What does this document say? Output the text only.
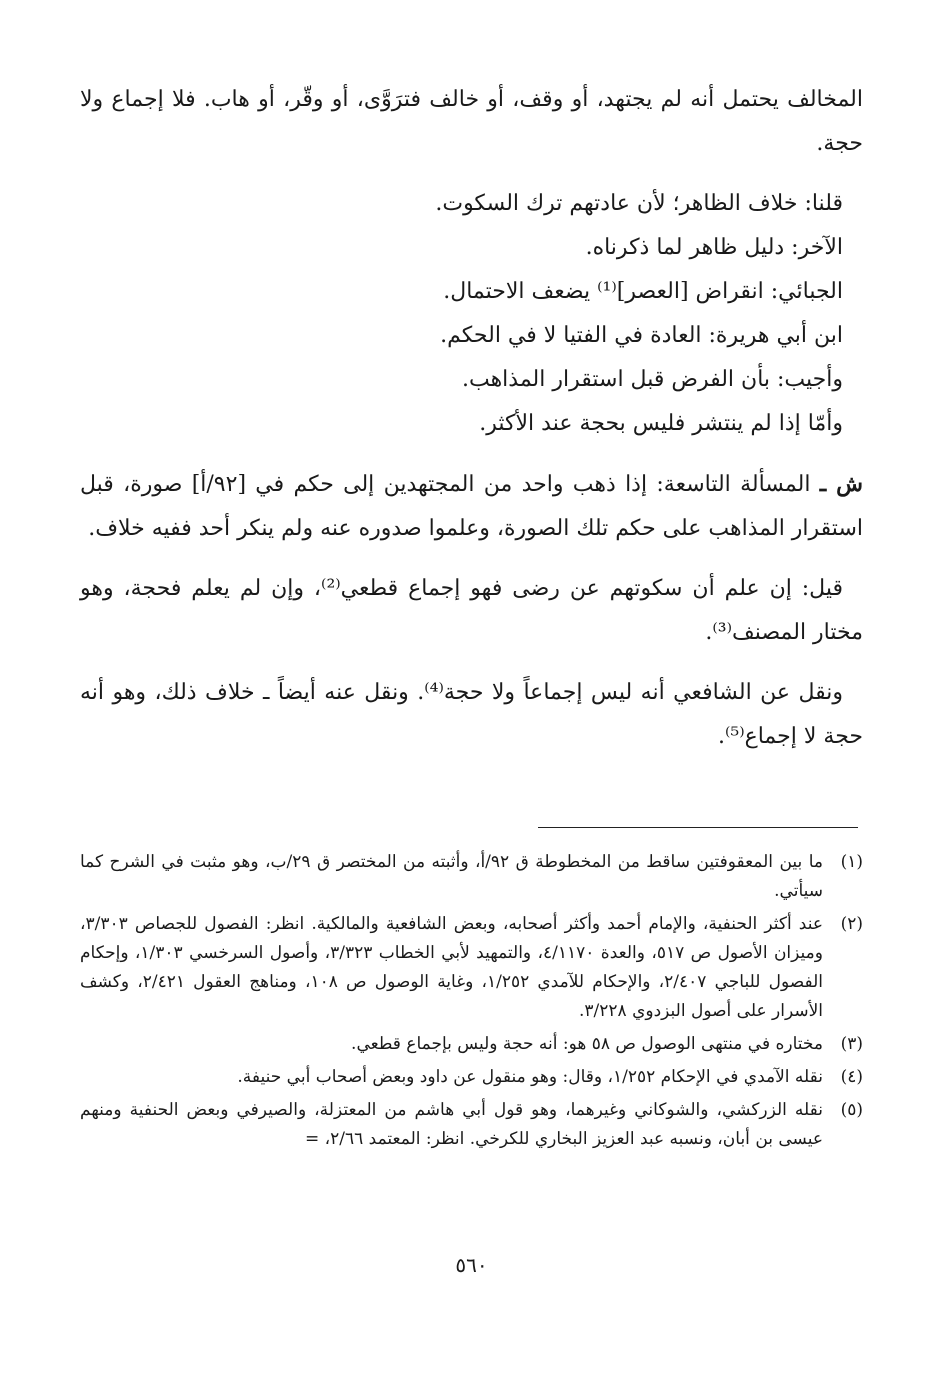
المخالف يحتمل أنه لم يجتهد، أو وقف، أو خالف فترَوَّى، أو وقّر، أو هاب. فلا إجماع ولا حجة.

قلنا: خلاف الظاهر؛ لأن عادتهم ترك السكوت.
الآخر: دليل ظاهر لما ذكرناه.
الجبائي: انقراض [العصر]⁽¹⁾ يضعف الاحتمال.
ابن أبي هريرة: العادة في الفتيا لا في الحكم.
وأجيب: بأن الفرض قبل استقرار المذاهب.
وأمّا إذا لم ينتشر فليس بحجة عند الأكثر.

ش ـ المسألة التاسعة: إذا ذهب واحد من المجتهدين إلى حكم في [٩٢/أ] صورة، قبل استقرار المذاهب على حكم تلك الصورة، وعلموا صدوره عنه ولم ينكر أحد ففيه خلاف.

قيل: إن علم أن سكوتهم عن رضى فهو إجماع قطعي⁽²⁾، وإن لم يعلم فحجة، وهو مختار المصنف⁽³⁾.

ونقل عن الشافعي أنه ليس إجماعاً ولا حجة⁽⁴⁾. ونقل عنه أيضاً ـ خلاف ذلك، وهو أنه حجة لا إجماع⁽⁵⁾.

(١)
ما بين المعقوفتين ساقط من المخطوطة ق ٩٢/أ، وأثبته من المختصر ق ٢٩/ب، وهو مثبت في الشرح كما سيأتي.
(٢)
عند أكثر الحنفية، والإمام أحمد وأكثر أصحابه، وبعض الشافعية والمالكية. انظر: الفصول للجصاص ٣/٣٠٣، وميزان الأصول ص ٥١٧، والعدة ٤/١١٧٠، والتمهيد لأبي الخطاب ٣/٣٢٣، وأصول السرخسي ١/٣٠٣، وإحكام الفصول للباجي ٢/٤٠٧، والإحكام للآمدي ١/٢٥٢، وغاية الوصول ص ١٠٨، ومناهج العقول ٢/٤٢١، وكشف الأسرار على أصول البزدوي ٣/٢٢٨.
(٣)
مختاره في منتهى الوصول ص ٥٨ هو: أنه حجة وليس بإجماع قطعي.
(٤)
نقله الآمدي في الإحكام ١/٢٥٢، وقال: وهو منقول عن داود وبعض أصحاب أبي حنيفة.
(٥)
نقله الزركشي، والشوكاني وغيرهما، وهو قول أبي هاشم من المعتزلة، والصيرفي وبعض الحنفية ومنهم عيسى بن أبان، ونسبه عبد العزيز البخاري للكرخي. انظر: المعتمد ٢/٦٦، =
٥٦٠
